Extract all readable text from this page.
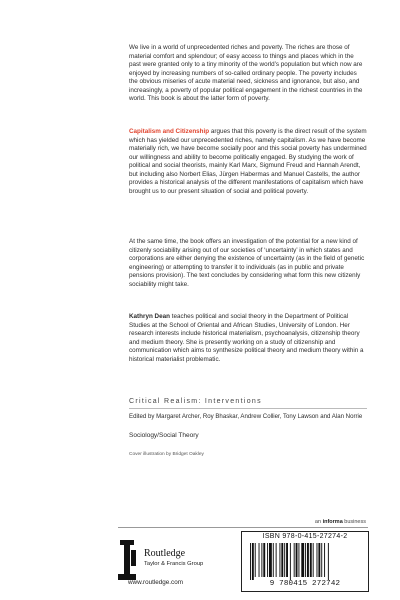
We live in a world of unprecedented riches and poverty. The riches are those of material comfort and splendour; of easy access to things and places which in the past were granted only to a tiny minority of the world’s population but which now are enjoyed by increasing numbers of so-called ordinary people. The poverty includes the obvious miseries of acute material need, sickness and ignorance, but also, and increasingly, a poverty of popular political engagement in the richest countries in the world. This book is about the latter form of poverty.

Capitalism and Citizenship argues that this poverty is the direct result of the system which has yielded our unprecedented riches, namely capitalism. As we have become materially rich, we have become socially poor and this social poverty has undermined our willingness and ability to become politically engaged. By studying the work of political and social theorists, mainly Karl Marx, Sigmund Freud and Hannah Arendt, but including also Norbert Elias, Jürgen Habermas and Manuel Castells, the author provides a historical analysis of the different manifestations of capitalism which have brought us to our present situation of social and political poverty.

At the same time, the book offers an investigation of the potential for a new kind of citizenly sociability arising out of our societies of ‘uncertainty’ in which states and corporations are either denying the existence of uncertainty (as in the field of genetic engineering) or attempting to transfer it to individuals (as in public and private pensions provision). The text concludes by considering what form this new citizenly sociability might take.

Kathryn Dean teaches political and social theory in the Department of Political Studies at the School of Oriental and African Studies, University of London. Her research interests include historical materialism, psychoanalysis, citizenship theory and medium theory. She is presently working on a study of citizenship and communication which aims to synthesize political theory and medium theory within a historical materialist problematic.

Critical Realism: Interventions
Edited by Margaret Archer, Roy Bhaskar, Andrew Collier, Tony Lawson and Alan Norrie
Sociology/Social Theory
Cover illustration by Bridget Oakley
an informa business
Routledge
Taylor & Francis Group
www.routledge.com
ISBN 978-0-415-27274-2
9 780415 272742
